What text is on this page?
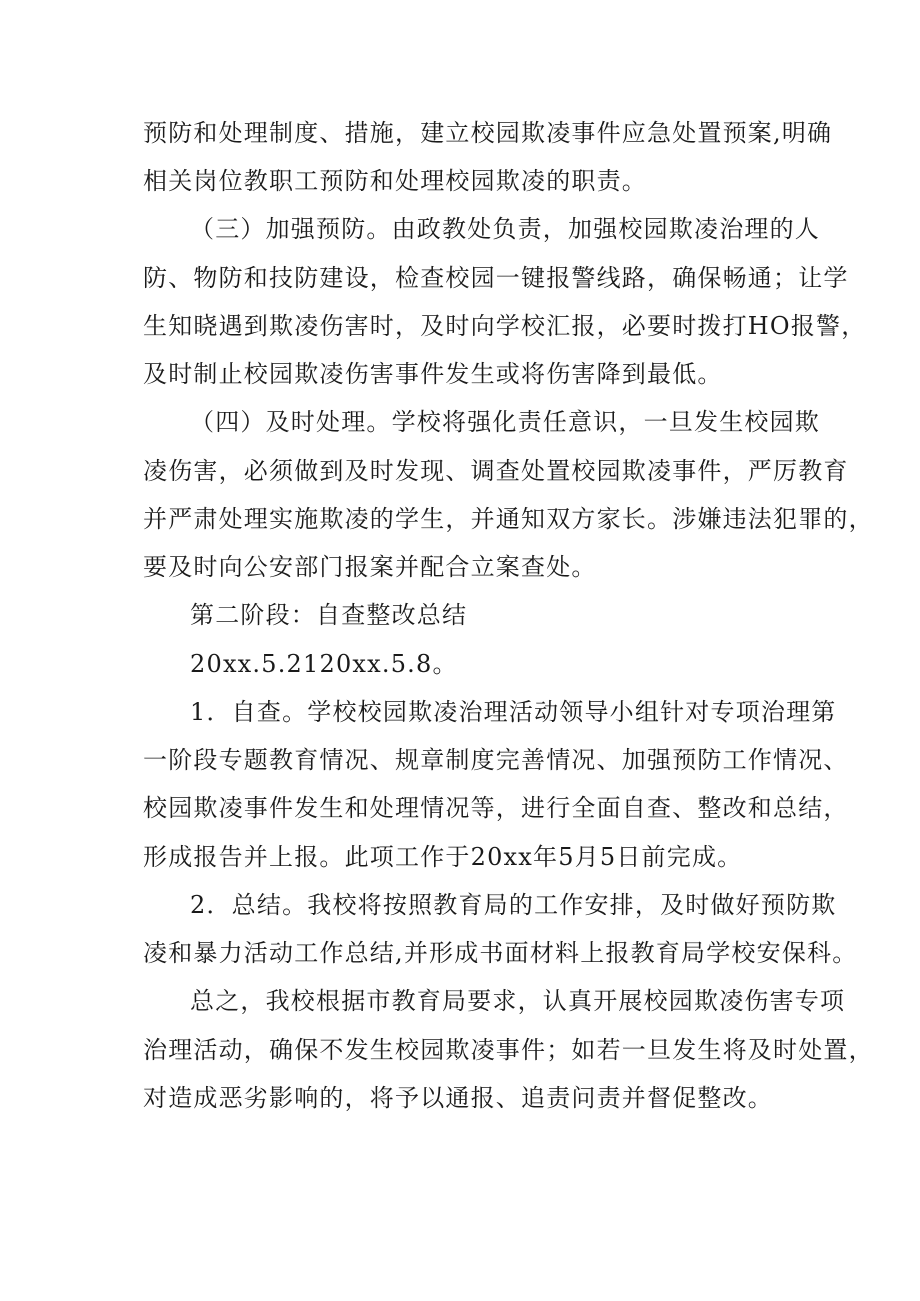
预防和处理制度、措施，建立校园欺凌事件应急处置预案,明确
相关岗位教职工预防和处理校园欺凌的职责。
（三）加强预防。由政教处负责，加强校园欺凌治理的人
防、物防和技防建设，检查校园一键报警线路，确保畅通；让学
生知晓遇到欺凌伤害时，及时向学校汇报，必要时拨打HO报警，
及时制止校园欺凌伤害事件发生或将伤害降到最低。
（四）及时处理。学校将强化责任意识，一旦发生校园欺
凌伤害，必须做到及时发现、调查处置校园欺凌事件，严厉教育
并严肃处理实施欺凌的学生，并通知双方家长。涉嫌违法犯罪的，
要及时向公安部门报案并配合立案查处。
第二阶段：自查整改总结
20xx.5.2120xx.5.8。
1．自查。学校校园欺凌治理活动领导小组针对专项治理第
一阶段专题教育情况、规章制度完善情况、加强预防工作情况、
校园欺凌事件发生和处理情况等，进行全面自查、整改和总结，
形成报告并上报。此项工作于20xx年5月5日前完成。
2．总结。我校将按照教育局的工作安排，及时做好预防欺
凌和暴力活动工作总结,并形成书面材料上报教育局学校安保科。
总之，我校根据市教育局要求，认真开展校园欺凌伤害专项
治理活动，确保不发生校园欺凌事件；如若一旦发生将及时处置，
对造成恶劣影响的，将予以通报、追责问责并督促整改。
